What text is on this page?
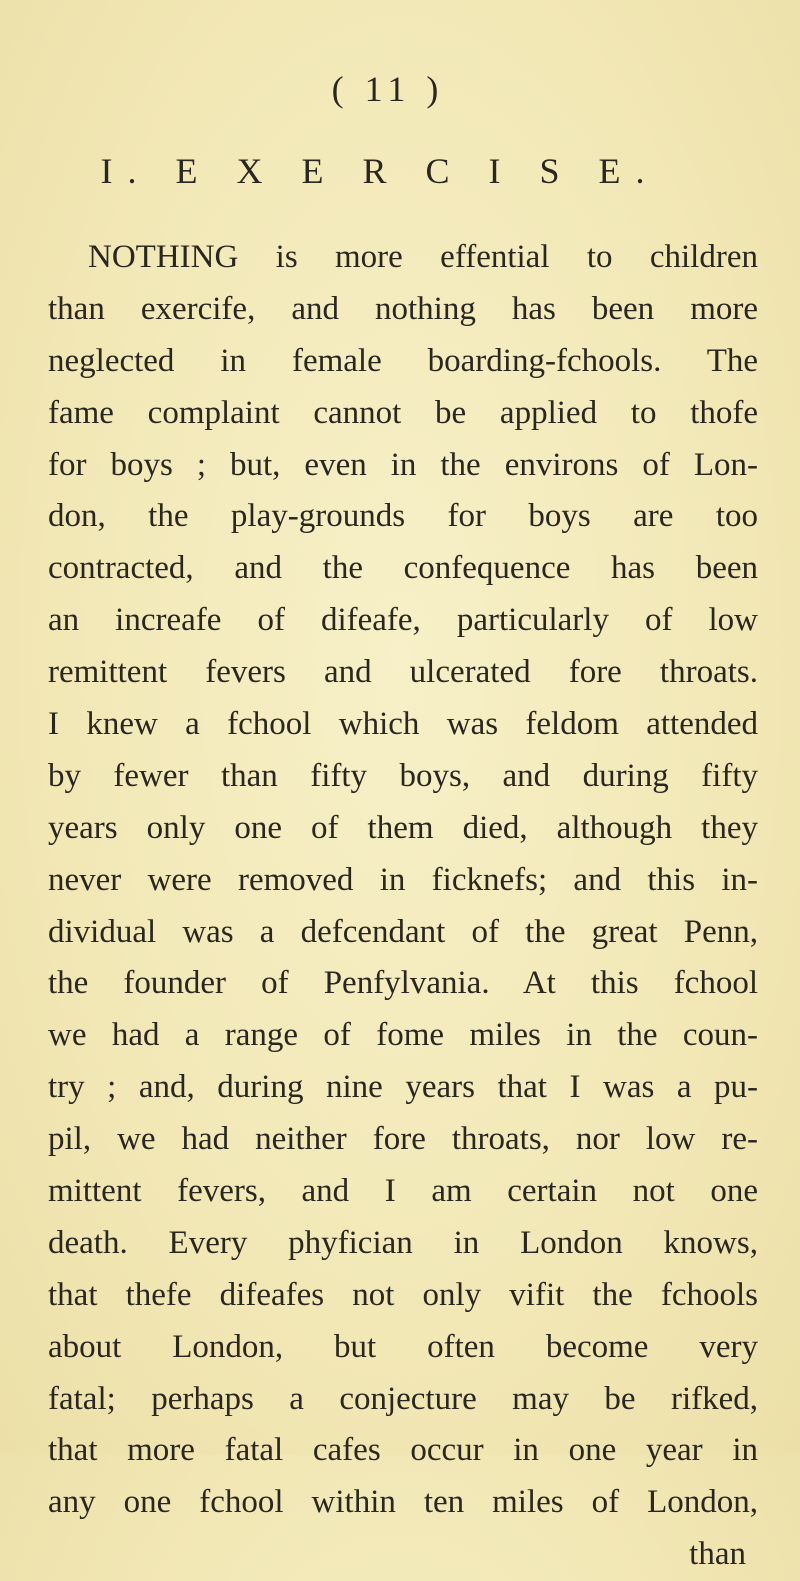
( 11 )
I. E X E R C I S E.
NOTHING is more effential to children
than exercife, and nothing has been more
neglected in female boarding-fchools. The
fame complaint cannot be applied to thofe
for boys ; but, even in the environs of Lon-
don, the play-grounds for boys are too
contracted, and the confequence has been
an increafe of difeafe, particularly of low
remittent fevers and ulcerated fore throats.
I knew a fchool which was feldom attended
by fewer than fifty boys, and during fifty
years only one of them died, although they
never were removed in ficknefs; and this in-
dividual was a defcendant of the great Penn,
the founder of Penfylvania. At this fchool
we had a range of fome miles in the coun-
try ; and, during nine years that I was a pu-
pil, we had neither fore throats, nor low re-
mittent fevers, and I am certain not one
death. Every phyfician in London knows,
that thefe difeafes not only vifit the fchools
about London, but often become very
fatal; perhaps a conjecture may be rifked,
that more fatal cafes occur in one year in
any one fchool within ten miles of London,
than
